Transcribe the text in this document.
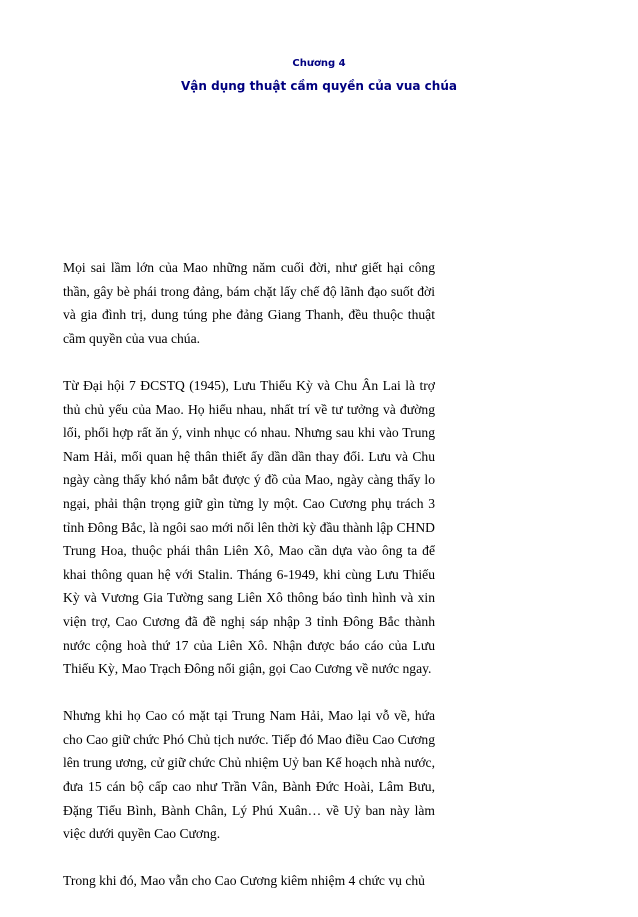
Chương 4
Vận dụng thuật cầm quyền của vua chúa

Mọi sai lầm lớn của Mao những năm cuối đời, như giết hại công thần, gây bè phái trong đảng, bám chặt lấy chế độ lãnh đạo suốt đời và gia đình trị, dung túng phe đảng Giang Thanh, đều thuộc thuật cầm quyền của vua chúa.

Từ Đại hội 7 ĐCSTQ (1945), Lưu Thiếu Kỳ và Chu Ân Lai là trợ thủ chủ yếu của Mao. Họ hiểu nhau, nhất trí về tư tưởng và đường lối, phối hợp rất ăn ý, vinh nhục có nhau. Nhưng sau khi vào Trung Nam Hải, mối quan hệ thân thiết ấy dần dần thay đổi. Lưu và Chu ngày càng thấy khó nắm bắt được ý đồ của Mao, ngày càng thấy lo ngại, phải thận trọng giữ gìn từng ly một. Cao Cương phụ trách 3 tỉnh Đông Bắc, là ngôi sao mới nổi lên thời kỳ đầu thành lập CHND Trung Hoa, thuộc phái thân Liên Xô, Mao cần dựa vào ông ta để khai thông quan hệ với Stalin. Tháng 6-1949, khi cùng Lưu Thiếu Kỳ và Vương Gia Tường sang Liên Xô thông báo tình hình và xin viện trợ, Cao Cương đã đề nghị sáp nhập 3 tỉnh Đông Bắc thành nước cộng hoà thứ 17 của Liên Xô. Nhận được báo cáo của Lưu Thiếu Kỳ, Mao Trạch Đông nổi giận, gọi Cao Cương về nước ngay.

Nhưng khi họ Cao có mặt tại Trung Nam Hải, Mao lại vỗ về, hứa cho Cao giữ chức Phó Chủ tịch nước. Tiếp đó Mao điều Cao Cương lên trung ương, cử giữ chức Chủ nhiệm Uỷ ban Kế hoạch nhà nước, đưa 15 cán bộ cấp cao như Trần Vân, Bành Đức Hoài, Lâm Bưu, Đặng Tiểu Bình, Bành Chân, Lý Phú Xuân… về Uỷ ban này làm việc dưới quyền Cao Cương.

Trong khi đó, Mao vẫn cho Cao Cương kiêm nhiệm 4 chức vụ chủ
